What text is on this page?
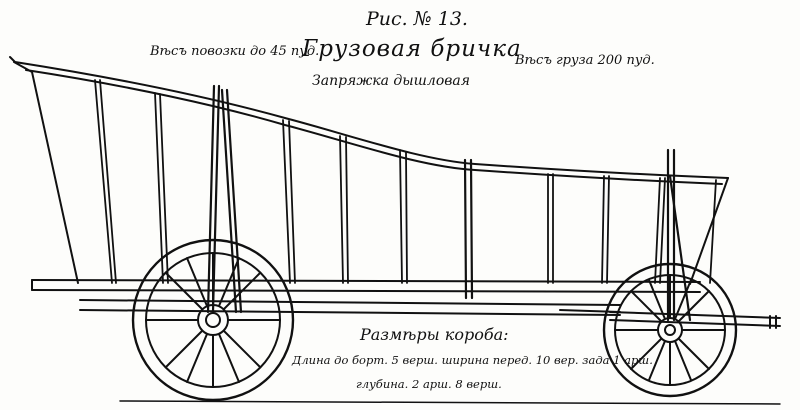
Рис. № 13.
Вѣсъ повозки до 45 пуд.
Грузовая бричка
Вѣсъ груза 200 пуд.
Запряжка дышловая
Размѣры короба:
Длина до борт. 5 верш. ширина перед. 10 вер. зада 1 арш.
глубина. 2 арш. 8 верш.
